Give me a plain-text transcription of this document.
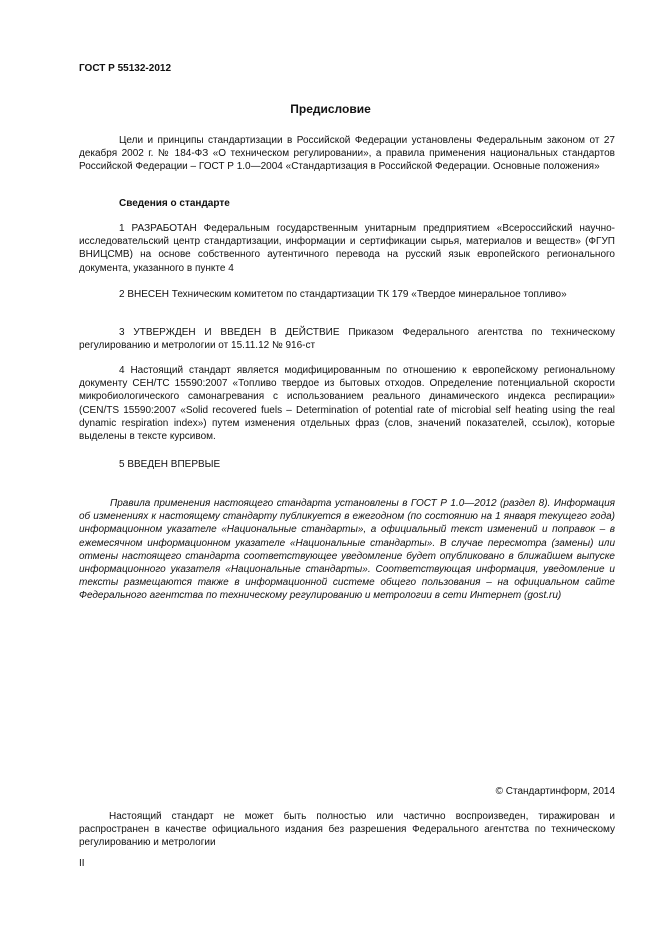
ГОСТ Р 55132-2012
Предисловие

Цели и принципы стандартизации в Российской Федерации установлены Федеральным законом от 27 декабря 2002 г. № 184-ФЗ «О техническом регулировании», а правила применения национальных стандартов Российской Федерации – ГОСТ Р 1.0—2004 «Стандартизация в Российской Федерации. Основные положения»

Сведения о стандарте

1 РАЗРАБОТАН Федеральным государственным унитарным предприятием «Всероссийский научно-исследовательский центр стандартизации, информации и сертификации сырья, материалов и веществ» (ФГУП ВНИЦСМВ) на основе собственного аутентичного перевода на русский язык европейского регионального документа, указанного в пункте 4

2 ВНЕСЕН Техническим комитетом по стандартизации ТК 179 «Твердое минеральное топливо»

3 УТВЕРЖДЕН И ВВЕДЕН В ДЕЙСТВИЕ Приказом Федерального агентства по техническому регулированию и метрологии от 15.11.12 № 916-ст

4 Настоящий стандарт является модифицированным по отношению к европейскому региональному документу CEH/TC 15590:2007 «Топливо твердое из бытовых отходов. Определение потенциальной скорости микробиологического самонагревания с использованием реального динамического индекса респирации» (CEN/TS 15590:2007 «Solid recovered fuels – Determination of potential rate of microbial self heating using the real dynamic respiration index») путем изменения отдельных фраз (слов, значений показателей, ссылок), которые выделены в тексте курсивом.

5 ВВЕДЕН ВПЕРВЫЕ

Правила применения настоящего стандарта установлены в ГОСТ Р 1.0—2012 (раздел 8). Информация об изменениях к настоящему стандарту публикуется в ежегодном (по состоянию на 1 января текущего года) информационном указателе «Национальные стандарты», а официальный текст изменений и поправок – в ежемесячном информационном указателе «Национальные стандарты». В случае пересмотра (замены) или отмены настоящего стандарта соответствующее уведомление будет опубликовано в ближайшем выпуске информационного указателя «Национальные стандарты». Соответствующая информация, уведомление и тексты размещаются также в информационной системе общего пользования – на официальном сайте Федерального агентства по техническому регулированию и метрологии в сети Интернет (gost.ru)

© Стандартинформ, 2014

Настоящий стандарт не может быть полностью или частично воспроизведен, тиражирован и распространен в качестве официального издания без разрешения Федерального агентства по техническому регулированию и метрологии

II
